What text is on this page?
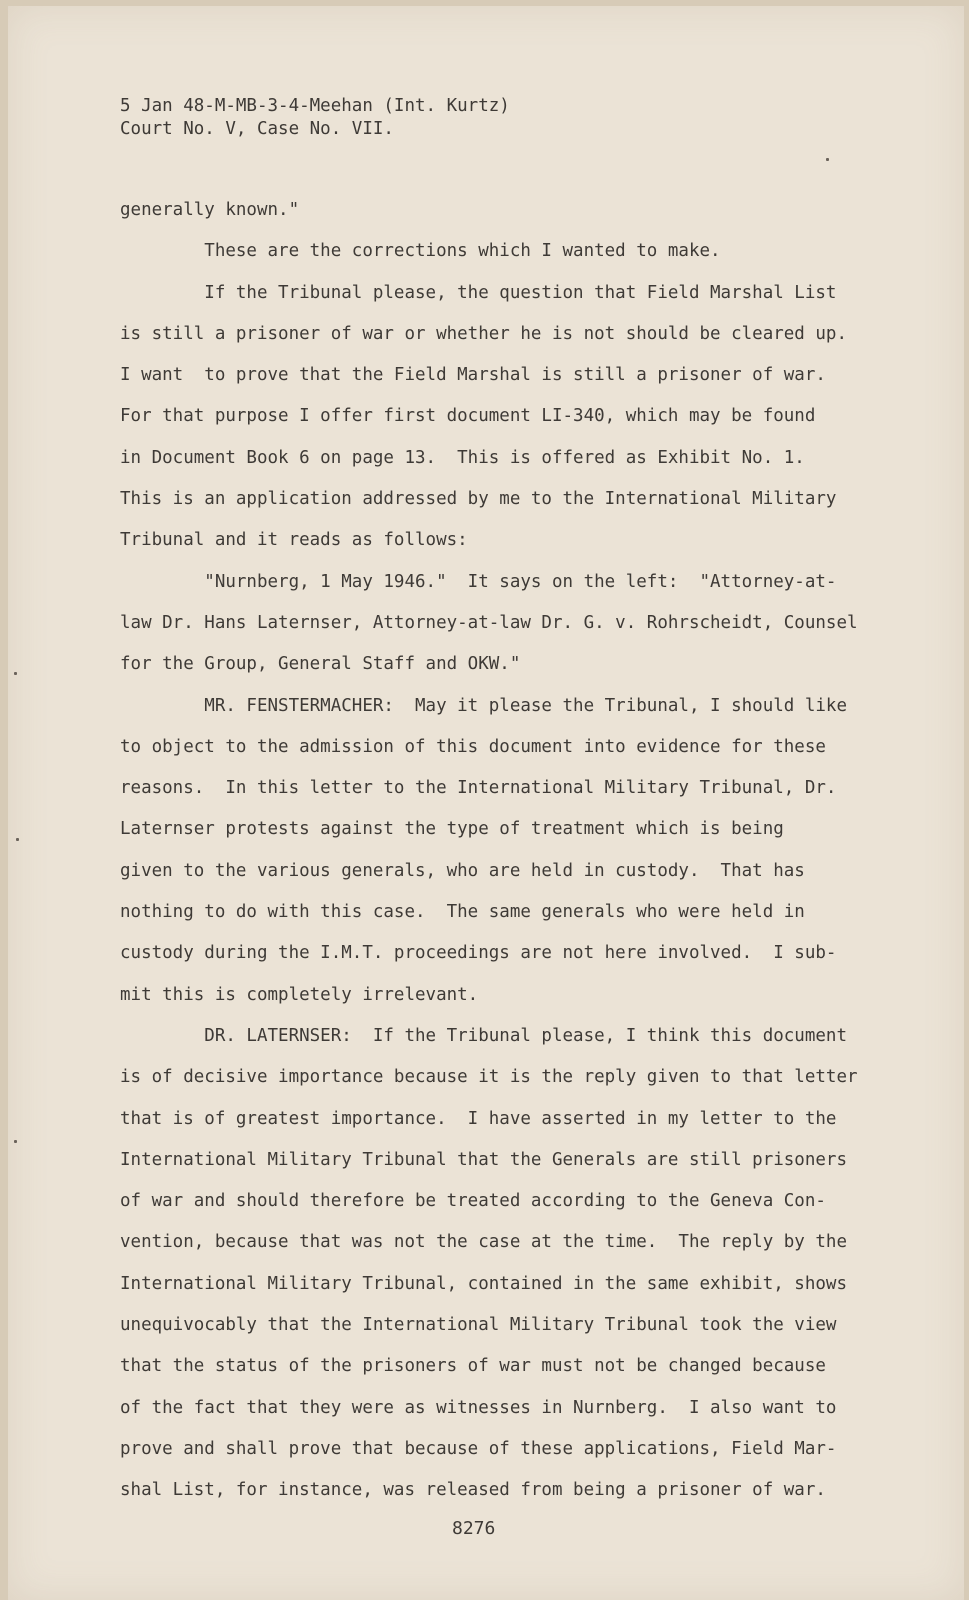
5 Jan 48-M-MB-3-4-Meehan (Int. Kurtz)
Court No. V, Case No. VII.
generally known."
These are the corrections which I wanted to make.
If the Tribunal please, the question that Field Marshal List
is still a prisoner of war or whether he is not should be cleared up.
I want  to prove that the Field Marshal is still a prisoner of war.
For that purpose I offer first document LI-340, which may be found
in Document Book 6 on page 13.  This is offered as Exhibit No. 1.
This is an application addressed by me to the International Military
Tribunal and it reads as follows:
"Nurnberg, 1 May 1946."  It says on the left:  "Attorney-at-
law Dr. Hans Laternser, Attorney-at-law Dr. G. v. Rohrscheidt, Counsel
for the Group, General Staff and OKW."
MR. FENSTERMACHER:  May it please the Tribunal, I should like
to object to the admission of this document into evidence for these
reasons.  In this letter to the International Military Tribunal, Dr.
Laternser protests against the type of treatment which is being
given to the various generals, who are held in custody.  That has
nothing to do with this case.  The same generals who were held in
custody during the I.M.T. proceedings are not here involved.  I sub-
mit this is completely irrelevant.
DR. LATERNSER:  If the Tribunal please, I think this document
is of decisive importance because it is the reply given to that letter
that is of greatest importance.  I have asserted in my letter to the
International Military Tribunal that the Generals are still prisoners
of war and should therefore be treated according to the Geneva Con-
vention, because that was not the case at the time.  The reply by the
International Military Tribunal, contained in the same exhibit, shows
unequivocably that the International Military Tribunal took the view
that the status of the prisoners of war must not be changed because
of the fact that they were as witnesses in Nurnberg.  I also want to
prove and shall prove that because of these applications, Field Mar-
shal List, for instance, was released from being a prisoner of war.
8276
